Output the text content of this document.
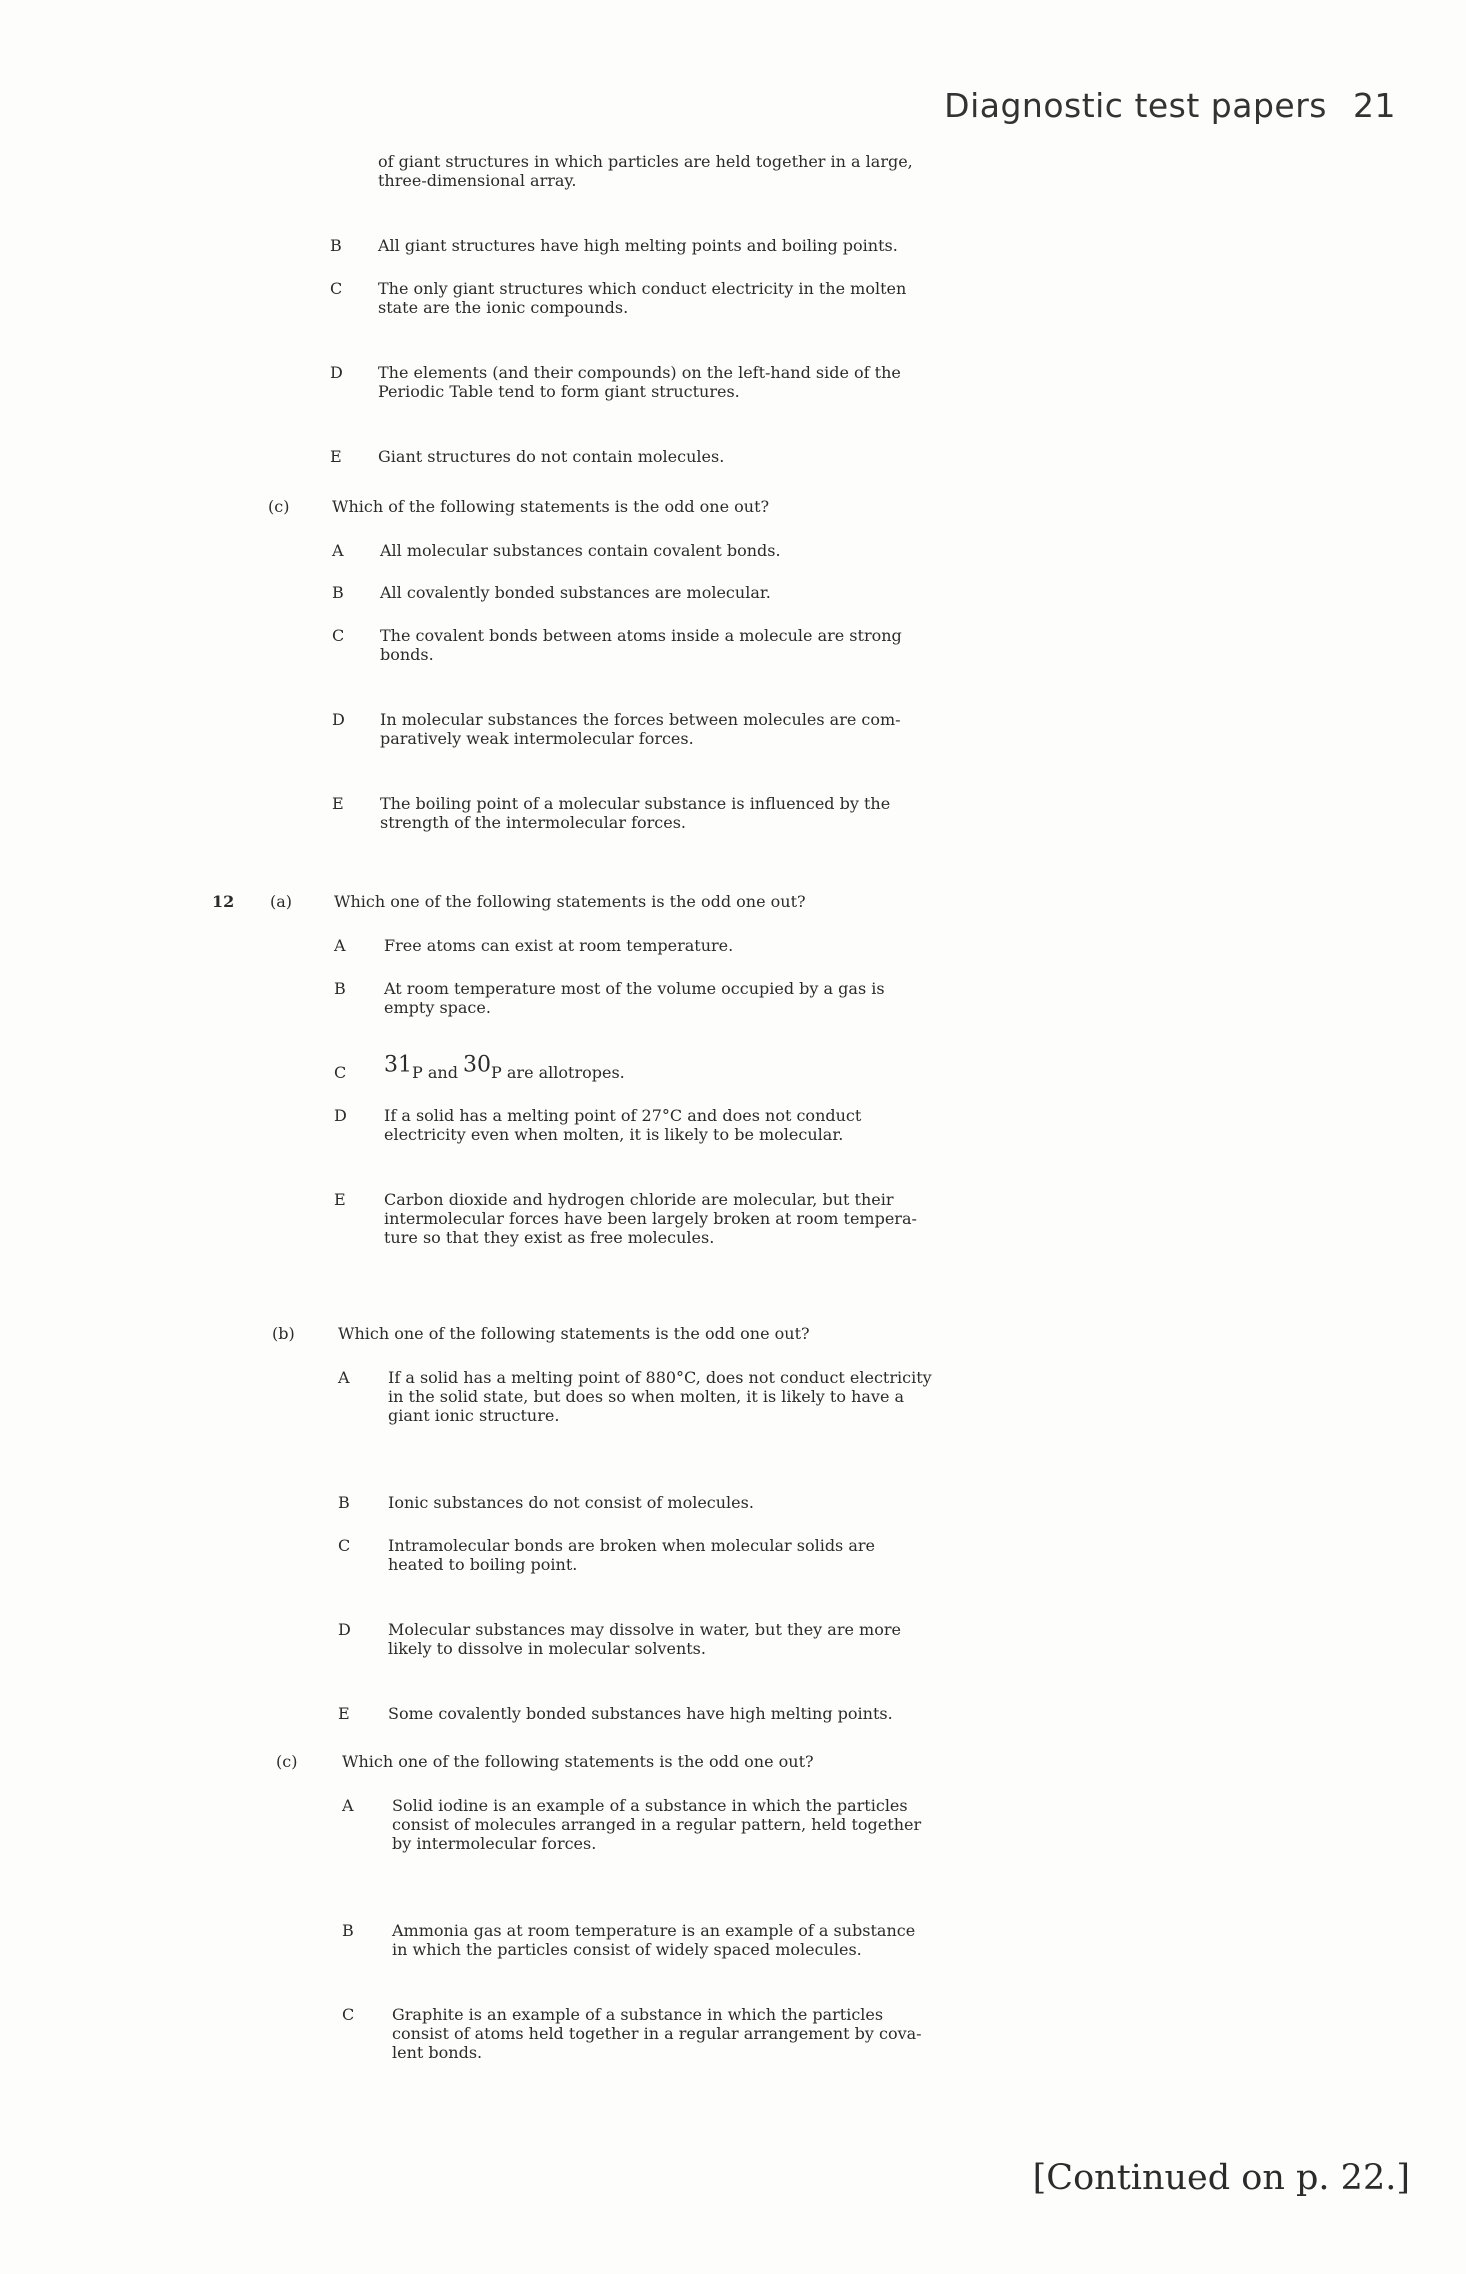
Diagnostic test papers 21
of giant structures in which particles are held together in a large,
three-dimensional array.
B	All giant structures have high melting points and boiling points.
C	The only giant structures which conduct electricity in the molten
state are the ionic compounds.
D	The elements (and their compounds) on the left-hand side of the
Periodic Table tend to form giant structures.
E	Giant structures do not contain molecules.
(c)	Which of the following statements is the odd one out?
A	All molecular substances contain covalent bonds.
B	All covalently bonded substances are molecular.
C	The covalent bonds between atoms inside a molecule are strong
bonds.
D	In molecular substances the forces between molecules are com-
paratively weak intermolecular forces.
E	The boiling point of a molecular substance is influenced by the
strength of the intermolecular forces.
12 (a)	Which one of the following statements is the odd one out?
A	Free atoms can exist at room temperature.
B	At room temperature most of the volume occupied by a gas is
empty space.
C	$^{31}$P and $^{30}$P are allotropes.
D	If a solid has a melting point of 27°C and does not conduct
electricity even when molten, it is likely to be molecular.
E	Carbon dioxide and hydrogen chloride are molecular, but their
intermolecular forces have been largely broken at room tempera-
ture so that they exist as free molecules.
(b)	Which one of the following statements is the odd one out?
A	If a solid has a melting point of 880°C, does not conduct electricity
in the solid state, but does so when molten, it is likely to have a
giant ionic structure.
B	Ionic substances do not consist of molecules.
C	Intramolecular bonds are broken when molecular solids are
heated to boiling point.
D	Molecular substances may dissolve in water, but they are more
likely to dissolve in molecular solvents.
E	Some covalently bonded substances have high melting points.
(c)	Which one of the following statements is the odd one out?
A	Solid iodine is an example of a substance in which the particles
consist of molecules arranged in a regular pattern, held together
by intermolecular forces.
B	Ammonia gas at room temperature is an example of a substance
in which the particles consist of widely spaced molecules.
C	Graphite is an example of a substance in which the particles
consist of atoms held together in a regular arrangement by cova-
lent bonds.
[Continued on p. 22.]
